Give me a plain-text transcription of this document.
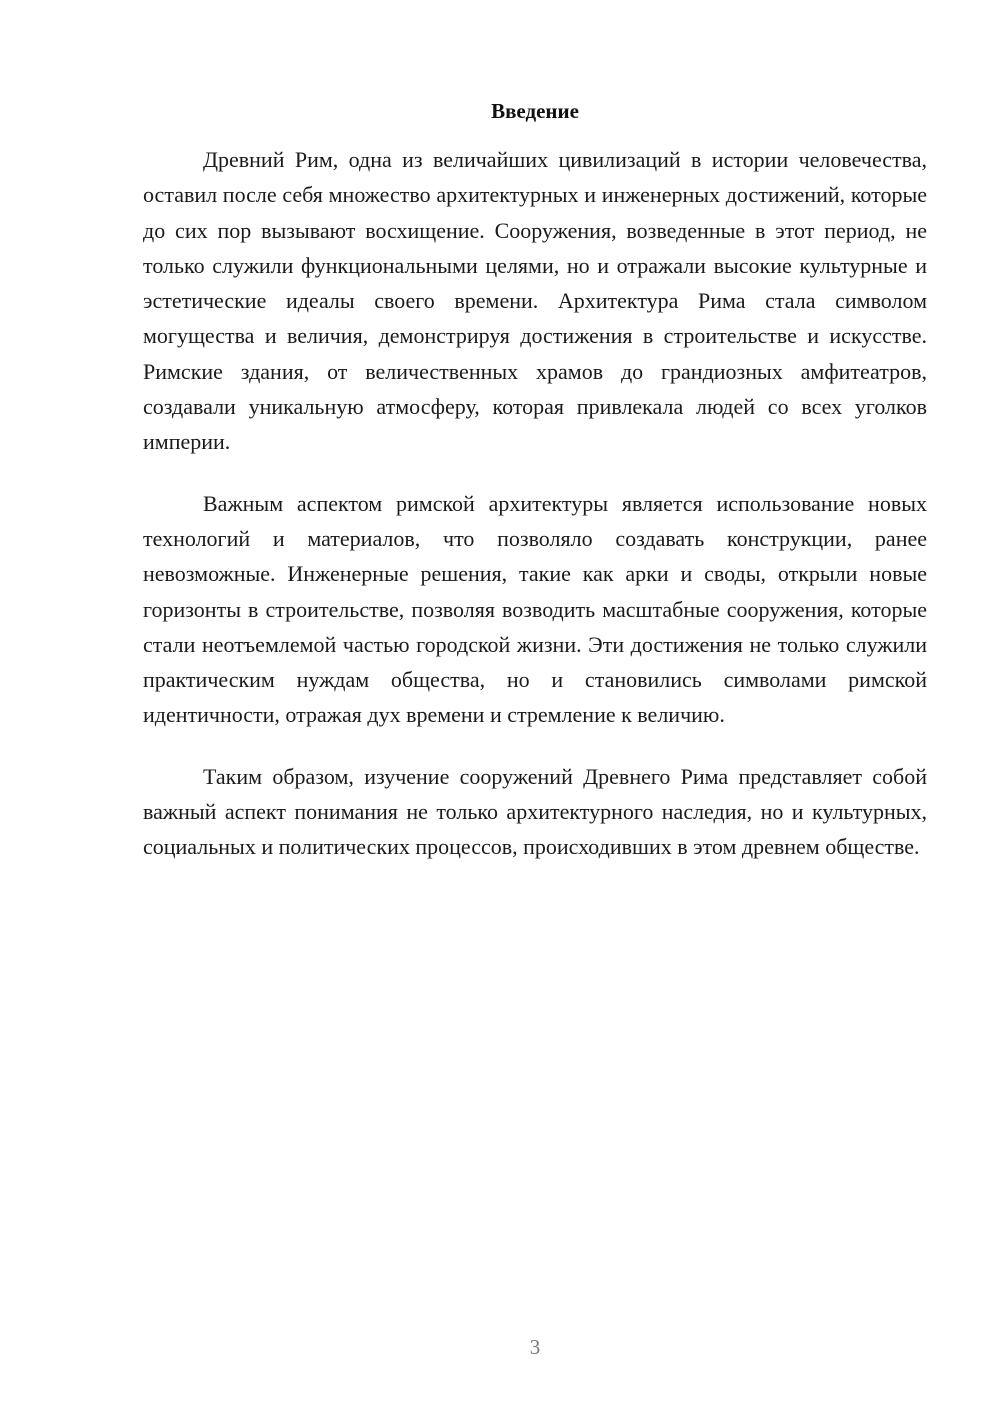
Введение

Древний Рим, одна из величайших цивилизаций в истории человечества, оставил после себя множество архитектурных и инженерных достижений, которые до сих пор вызывают восхищение. Сооружения, возведенные в этот период, не только служили функциональными целями, но и отражали высокие культурные и эстетические идеалы своего времени. Архитектура Рима стала символом могущества и величия, демонстрируя достижения в строительстве и искусстве. Римские здания, от величественных храмов до грандиозных амфитеатров, создавали уникальную атмосферу, которая привлекала людей со всех уголков империи.

Важным аспектом римской архитектуры является использование новых технологий и материалов, что позволяло создавать конструкции, ранее невозможные. Инженерные решения, такие как арки и своды, открыли новые горизонты в строительстве, позволяя возводить масштабные сооружения, которые стали неотъемлемой частью городской жизни. Эти достижения не только служили практическим нуждам общества, но и становились символами римской идентичности, отражая дух времени и стремление к величию.

Таким образом, изучение сооружений Древнего Рима представляет собой важный аспект понимания не только архитектурного наследия, но и культурных, социальных и политических процессов, происходивших в этом древнем обществе.

3
